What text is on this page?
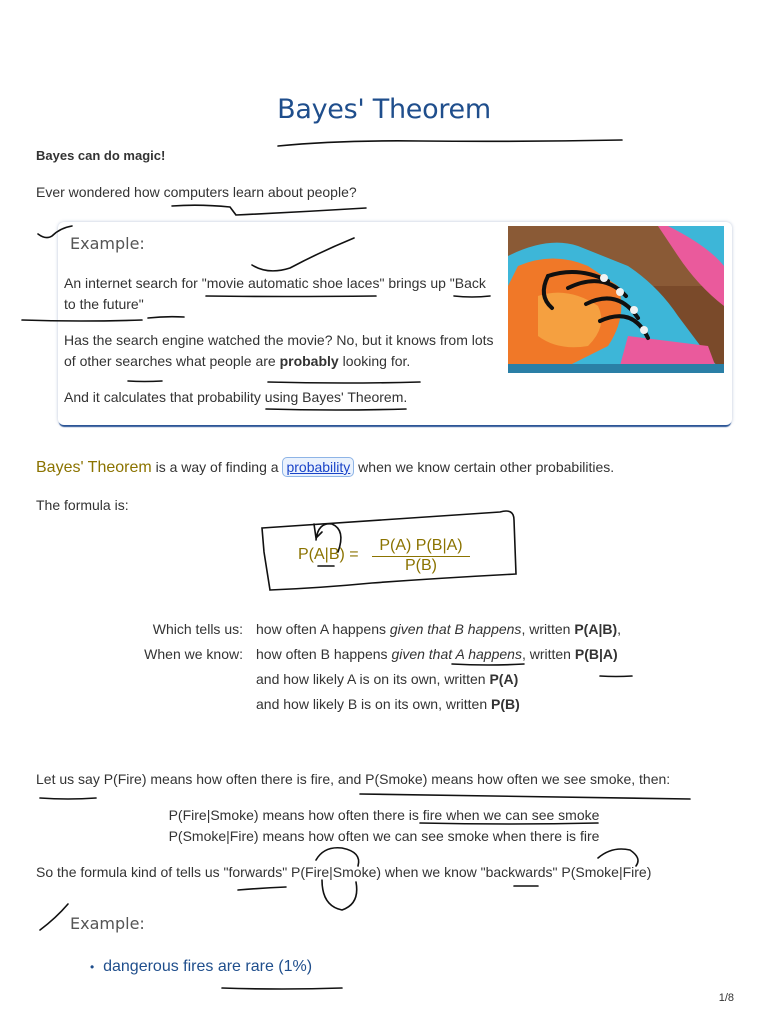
Bayes' Theorem
Bayes can do magic!
Ever wondered how computers learn about people?
Example:
An internet search for "movie automatic shoe laces" brings up "Back
to the future"
Has the search engine watched the movie? No, but it knows from lots
of other searches what people are probably looking for.
And it calculates that probability using Bayes' Theorem.
Bayes' Theorem is a way of finding a probability when we know certain other probabilities.
The formula is:
P(A|B) =
P(A) P(B|A)
P(B)
Which tells us: how often A happens given that B happens, written P(A|B),
When we know: how often B happens given that A happens, written P(B|A)
and how likely A is on its own, written P(A)
and how likely B is on its own, written P(B)
Let us say P(Fire) means how often there is fire, and P(Smoke) means how often we see smoke, then:
P(Fire|Smoke) means how often there is fire when we can see smoke
P(Smoke|Fire) means how often we can see smoke when there is fire
So the formula kind of tells us "forwards" P(Fire|Smoke) when we know "backwards" P(Smoke|Fire)
Example:
• dangerous fires are rare (1%)
1/8
